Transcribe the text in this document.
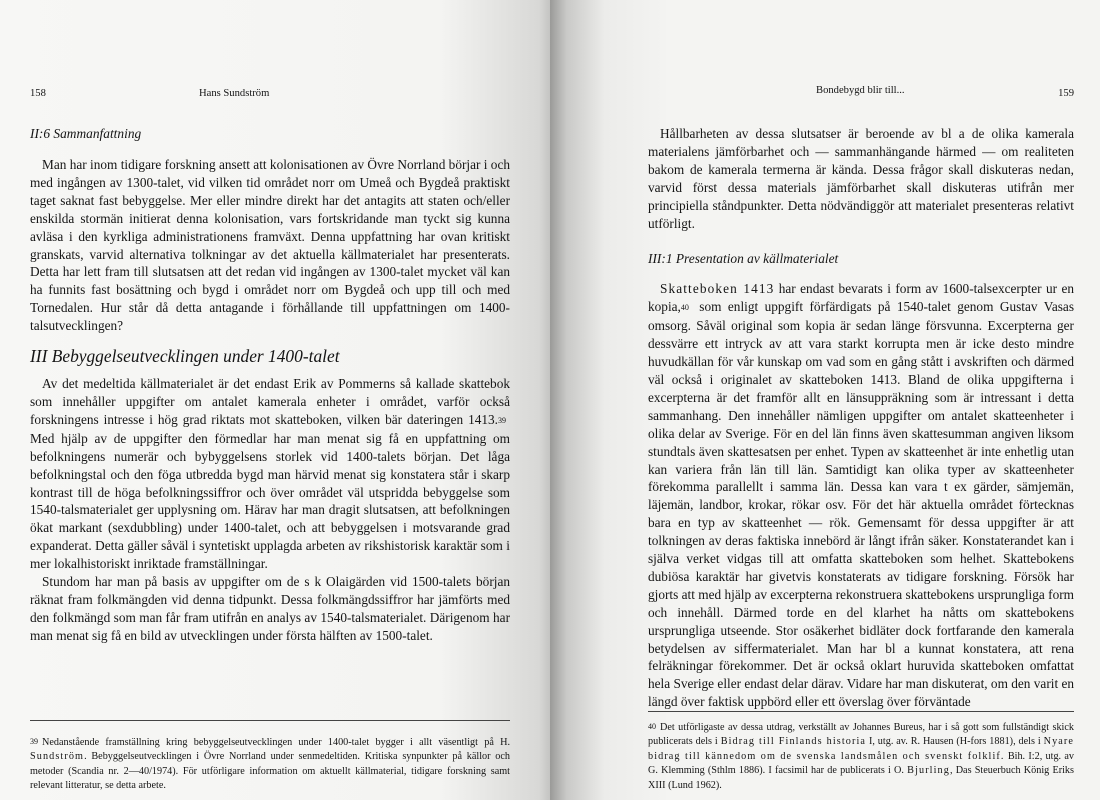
158	Hans Sundström
II:6 Sammanfattning

Man har inom tidigare forskning ansett att kolonisationen av Övre Norrland börjar i och med ingången av 1300-talet, vid vilken tid området norr om Umeå och Bygdeå praktiskt taget saknat fast bebyggelse. Mer eller mindre direkt har det antagits att staten och/eller enskilda stormän initierat denna kolonisation, vars fortskridande man tyckt sig kunna avläsa i den kyrkliga administrationens framväxt. Denna uppfattning har ovan kritiskt granskats, varvid alternativa tolkningar av det aktuella källmaterialet har presenterats. Detta har lett fram till slutsatsen att det redan vid ingången av 1300-talet mycket väl kan ha funnits fast bosättning och bygd i området norr om Bygdeå och upp till och med Tornedalen. Hur står då detta antagande i förhållande till uppfattningen om 1400-talsutvecklingen?

III Bebyggelseutvecklingen under 1400-talet

Av det medeltida källmaterialet är det endast Erik av Pommerns så kallade skattebok som innehåller uppgifter om antalet kamerala enheter i området, varför också forskningens intresse i hög grad riktats mot skatteboken, vilken bär dateringen 1413.39 Med hjälp av de uppgifter den förmedlar har man menat sig få en uppfattning om befolkningens numerär och bybyggelsens storlek vid 1400-talets början. Det låga befolkningstal och den föga utbredda bygd man härvid menat sig konstatera står i skarp kontrast till de höga befolkningssiffror och över området väl utspridda bebyggelse som 1540-talsmaterialet ger upplysning om. Härav har man dragit slutsatsen, att befolkningen ökat markant (sexdubbling) under 1400-talet, och att bebyggelsen i motsvarande grad expanderat. Detta gäller såväl i syntetiskt upplagda arbeten av rikshistorisk karaktär som i mer lokalhistoriskt inriktade framställningar.

Stundom har man på basis av uppgifter om de s k Olaigärden vid 1500-talets början räknat fram folkmängden vid denna tidpunkt. Dessa folkmängdssiffror har jämförts med den folkmängd som man får fram utifrån en analys av 1540-talsmaterialet. Därigenom har man menat sig få en bild av utvecklingen under första hälften av 1500-talet.

39 Nedanstående framställning kring bebyggelseutvecklingen under 1400-talet bygger i allt väsentligt på H. Sundström. Bebyggelseutvecklingen i Övre Norrland under senmedeltiden. Kritiska synpunkter på källor och metoder (Scandia nr. 2—40/1974). För utförligare information om aktuellt källmaterial, tidigare forskning samt relevant litteratur, se detta arbete.

Bondebygd blir till...	159

Hållbarheten av dessa slutsatser är beroende av bl a de olika kamerala materialens jämförbarhet och — sammanhängande härmed — om realiteten bakom de kamerala termerna är kända. Dessa frågor skall diskuteras nedan, varvid först dessa materials jämförbarhet skall diskuteras utifrån mer principiella ståndpunkter. Detta nödvändiggör att materialet presenteras relativt utförligt.

III:1 Presentation av källmaterialet

Skatteboken 1413 har endast bevarats i form av 1600-talsexcerpter ur en kopia,$^{40}$ som enligt uppgift förfärdigats på 1540-talet genom Gustav Vasas omsorg. Såväl original som kopia är sedan länge försvunna. Excerpterna ger dessvärre ett intryck av att vara starkt korrupta men är icke desto mindre huvudkällan för vår kunskap om vad som en gång stått i avskriften och därmed väl också i originalet av skatteboken 1413. Bland de olika uppgifterna i excerpterna är det framför allt en länsuppräkning som är intressant i detta sammanhang. Den innehåller nämligen uppgifter om antalet skatteenheter i olika delar av Sverige. För en del län finns även skattesumman angiven liksom stundtals även skattesatsen per enhet. Typen av skatteenhet är inte enhetlig utan kan variera från län till län. Samtidigt kan olika typer av skatteenheter förekomma parallellt i samma län. Dessa kan vara t ex gärder, sämjemän, läjemän, landbor, krokar, rökar osv. För det här aktuella området förtecknas bara en typ av skatteenhet — rök. Gemensamt för dessa uppgifter är att tolkningen av deras faktiska innebörd är långt ifrån säker. Konstaterandet kan i själva verket vidgas till att omfatta skatteboken som helhet. Skattebokens dubiösa karaktär har givetvis konstaterats av tidigare forskning. Försök har gjorts att med hjälp av excerpterna rekonstruera skattebokens ursprungliga form och innehåll. Därmed torde en del klarhet ha nåtts om skattebokens ursprungliga utseende. Stor osäkerhet bidläter dock fortfarande den kamerala betydelsen av siffermaterialet. Man har bl a kunnat konstatera, att rena felräkningar förekommer. Det är också oklart huruvida skatteboken omfattat hela Sverige eller endast delar därav. Vidare har man diskuterat, om den varit en längd över faktisk uppbörd eller ett överslag över förväntade

40 Det utförligaste av dessa utdrag, verkställt av Johannes Bureus, har i så gott som fullständigt skick publicerats dels i Bidrag till Finlands historia I, utg. av. R. Hausen (H-fors 1881), dels i Nyare bidrag till kännedom om de svenska landsmålen och svenskt folklif. Bih. I:2, utg. av G. Klemming (Sthlm 1886). I facsimil har de publicerats i O. Bjurling, Das Steuerbuch König Eriks XIII (Lund 1962).
